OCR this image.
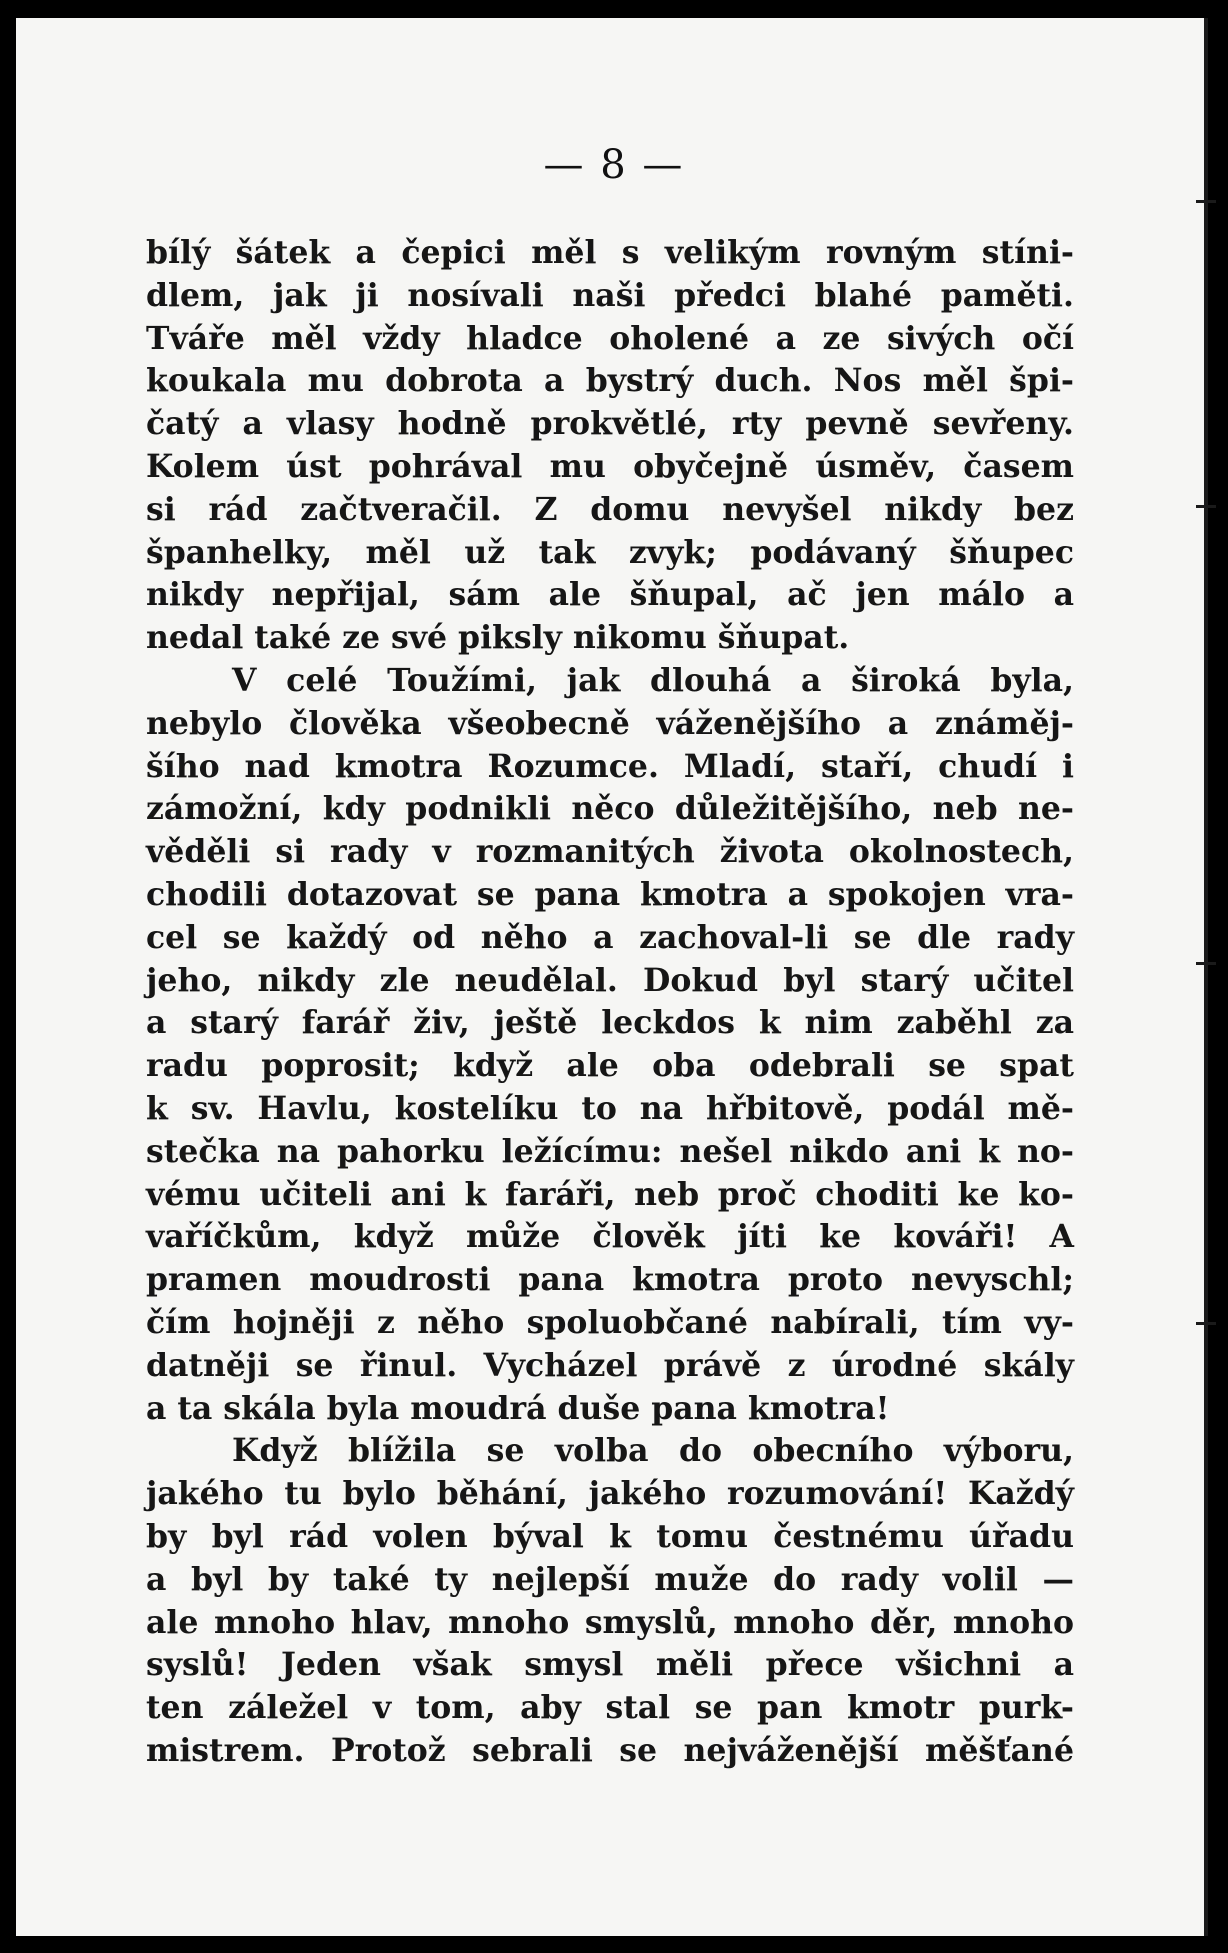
— 8 —
bílý šátek a čepici měl s velikým rovným stíni-
dlem, jak ji nosívali naši předci blahé paměti.
Tváře měl vždy hladce oholené a ze sivých očí
koukala mu dobrota a bystrý duch. Nos měl špi-
čatý a vlasy hodně prokvětlé, rty pevně sevřeny.
Kolem úst pohrával mu obyčejně úsměv, časem
si rád začtveračil. Z domu nevyšel nikdy bez
španhelky, měl už tak zvyk; podávaný šňupec
nikdy nepřijal, sám ale šňupal, ač jen málo a
nedal také ze své piksly nikomu šňupat.
V celé Toužími, jak dlouhá a široká byla,
nebylo člověka všeobecně váženějšího a známěj-
šího nad kmotra Rozumce. Mladí, staří, chudí i
zámožní, kdy podnikli něco důležitějšího, neb ne-
věděli si rady v rozmanitých života okolnostech,
chodili dotazovat se pana kmotra a spokojen vra-
cel se každý od něho a zachoval-li se dle rady
jeho, nikdy zle neudělal. Dokud byl starý učitel
a starý farář živ, ještě leckdos k nim zaběhl za
radu poprosit; když ale oba odebrali se spat
k sv. Havlu, kostelíku to na hřbitově, podál mě-
stečka na pahorku ležícímu: nešel nikdo ani k no-
vému učiteli ani k faráři, neb proč choditi ke ko-
vaříčkům, když může člověk jíti ke kováři! A
pramen moudrosti pana kmotra proto nevyschl;
čím hojněji z něho spoluobčané nabírali, tím vy-
datněji se řinul. Vycházel právě z úrodné skály
a ta skála byla moudrá duše pana kmotra!
Když blížila se volba do obecního výboru,
jakého tu bylo běhání, jakého rozumování! Každý
by byl rád volen býval k tomu čestnému úřadu
a byl by také ty nejlepší muže do rady volil —
ale mnoho hlav, mnoho smyslů, mnoho děr, mnoho
syslů! Jeden však smysl měli přece všichni a
ten záležel v tom, aby stal se pan kmotr purk-
mistrem. Protož sebrali se nejváženější měšťané
